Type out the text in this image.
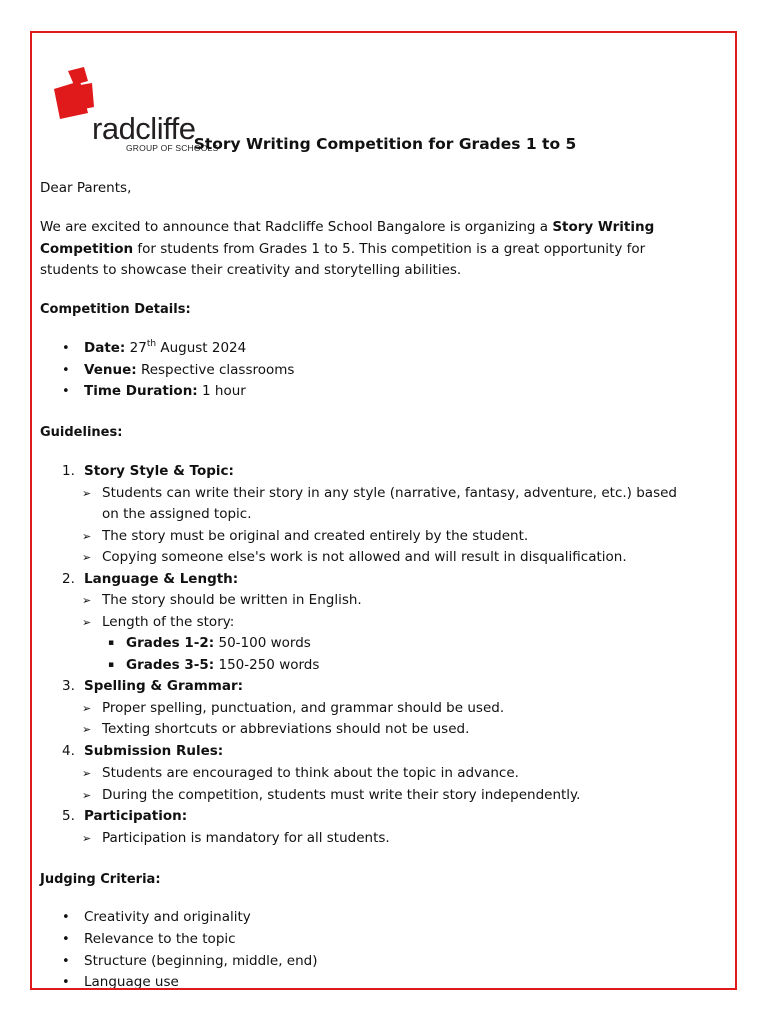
radcliffe
GROUP OF SCHOOLS
Story Writing Competition for Grades 1 to 5
Dear Parents,
We are excited to announce that Radcliffe School Bangalore is organizing a Story Writing Competition for students from Grades 1 to 5. This competition is a great opportunity for students to showcase their creativity and storytelling abilities.
Competition Details:
• Date: 27th August 2024
• Venue: Respective classrooms
• Time Duration: 1 hour
Guidelines:
1. Story Style & Topic:
➢ Students can write their story in any style (narrative, fantasy, adventure, etc.) based
on the assigned topic.
➢ The story must be original and created entirely by the student.
➢ Copying someone else's work is not allowed and will result in disqualification.
2. Language & Length:
➢ The story should be written in English.
➢ Length of the story:
▪ Grades 1-2: 50-100 words
▪ Grades 3-5: 150-250 words
3. Spelling & Grammar:
➢ Proper spelling, punctuation, and grammar should be used.
➢ Texting shortcuts or abbreviations should not be used.
4. Submission Rules:
➢ Students are encouraged to think about the topic in advance.
➢ During the competition, students must write their story independently.
5. Participation:
➢ Participation is mandatory for all students.
Judging Criteria:
• Creativity and originality
• Relevance to the topic
• Structure (beginning, middle, end)
• Language use
